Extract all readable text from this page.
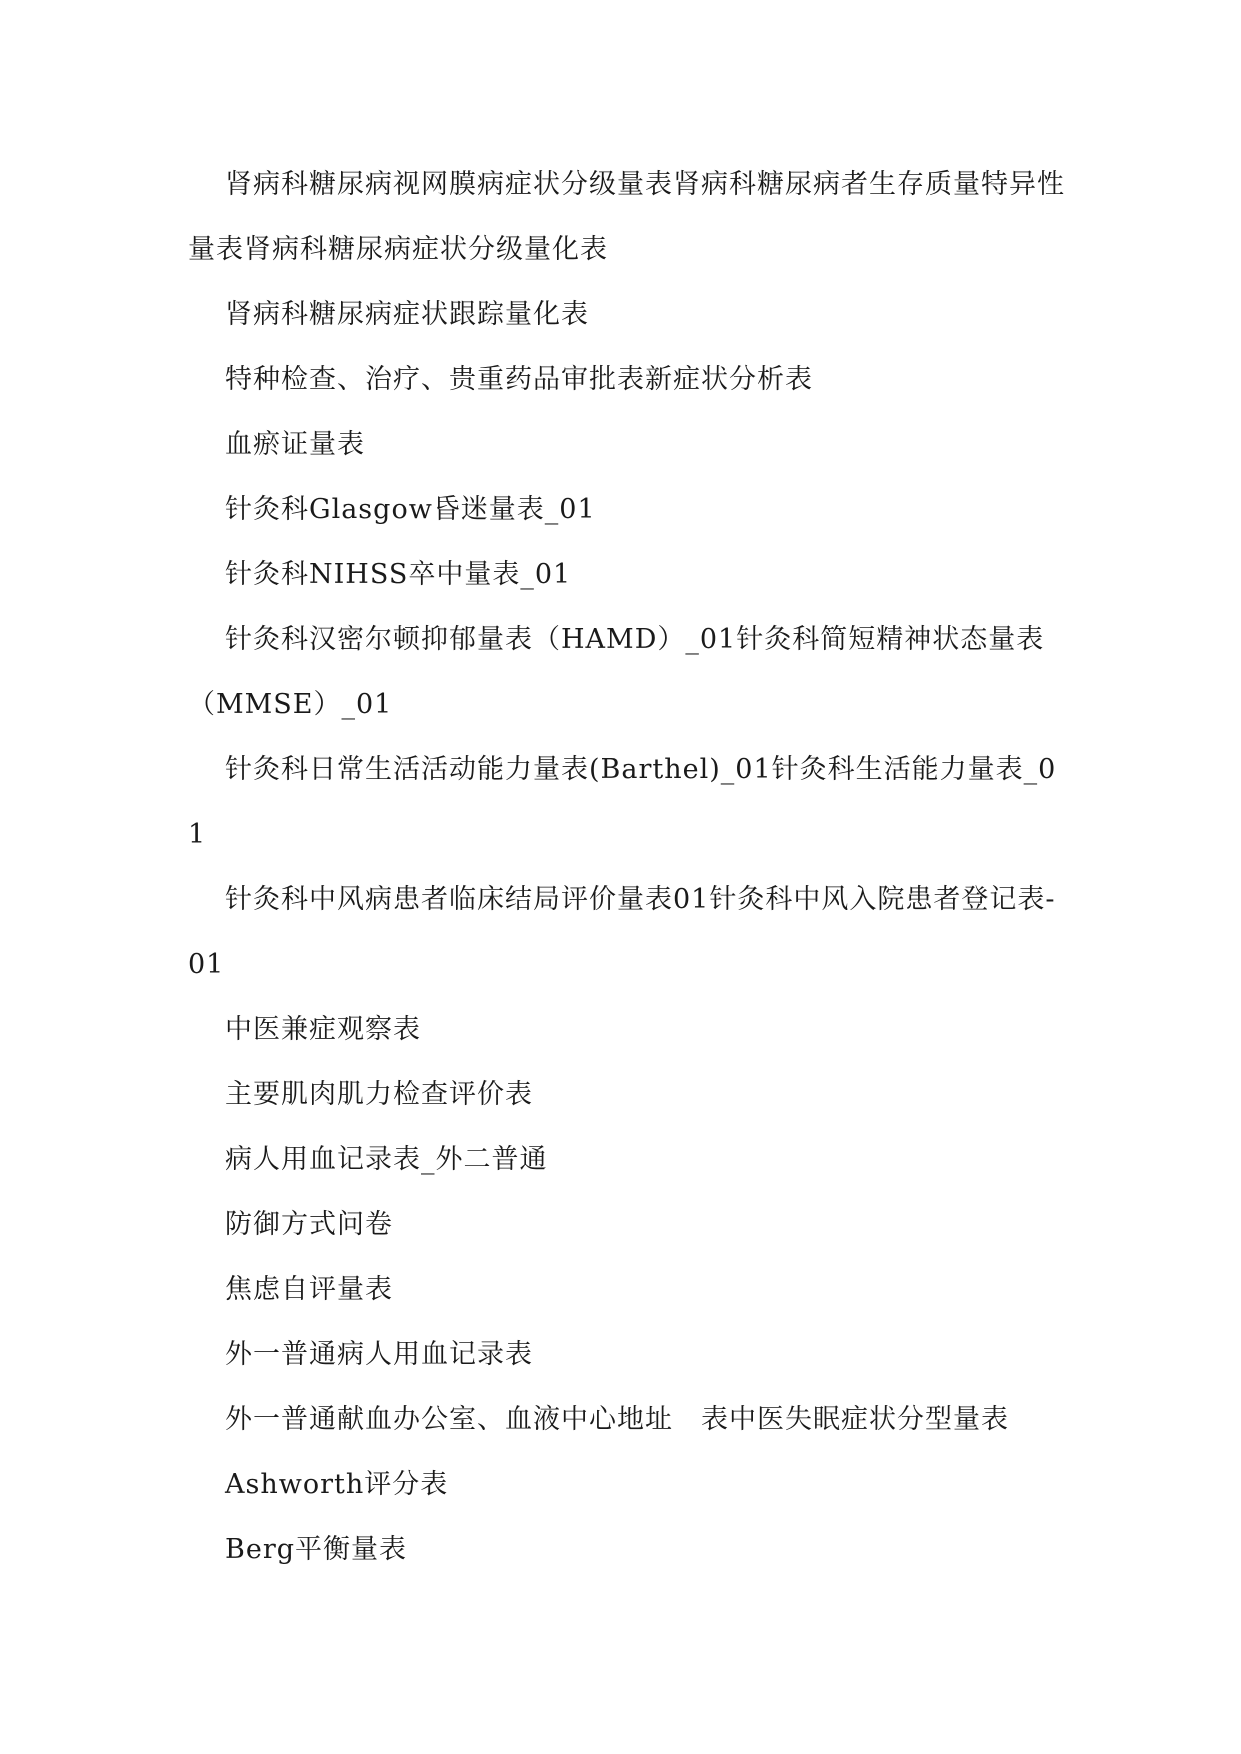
肾病科糖尿病视网膜病症状分级量表肾病科糖尿病者生存质量特异性量表肾病科糖尿病症状分级量化表

肾病科糖尿病症状跟踪量化表

特种检查、治疗、贵重药品审批表新症状分析表

血瘀证量表

针灸科Glasgow昏迷量表_01

针灸科NIHSS卒中量表_01

针灸科汉密尔顿抑郁量表（HAMD）_01针灸科简短精神状态量表（MMSE）_01

针灸科日常生活活动能力量表(Barthel)_01针灸科生活能力量表_01

针灸科中风病患者临床结局评价量表01针灸科中风入院患者登记表-01

中医兼症观察表

主要肌肉肌力检查评价表

病人用血记录表_外二普通

防御方式问卷

焦虑自评量表

外一普通病人用血记录表

外一普通献血办公室、血液中心地址　表中医失眠症状分型量表

Ashworth评分表

Berg平衡量表
